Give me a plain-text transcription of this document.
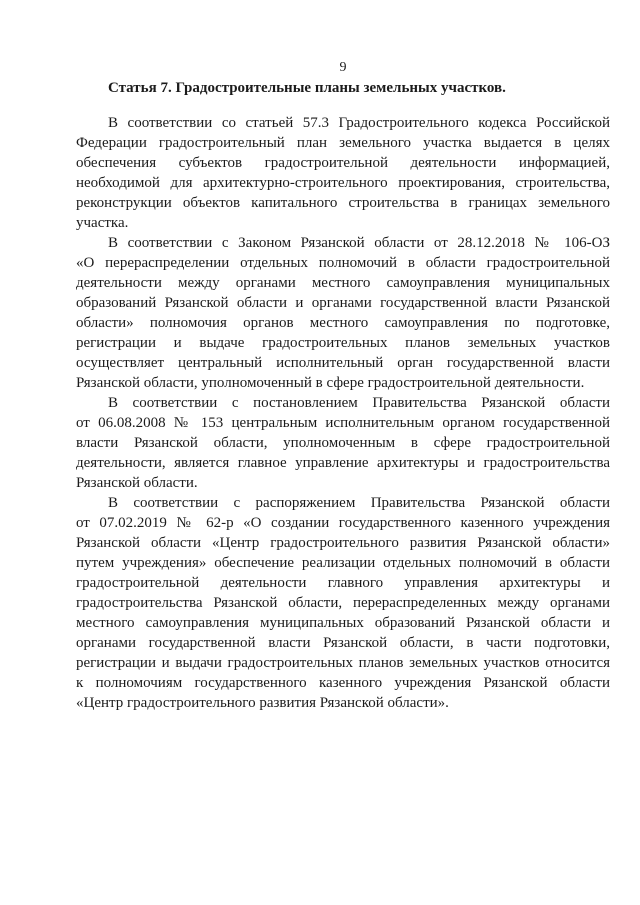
9
Статья 7. Градостроительные планы земельных участков.
В соответствии со статьей 57.3 Градостроительного кодекса Российской
Федерации градостроительный план земельного участка выдается в целях
обеспечения субъектов градостроительной деятельности информацией,
необходимой для архитектурно-строительного проектирования, строительства,
реконструкции объектов капитального строительства в границах земельного
участка.
В соответствии с Законом Рязанской области от 28.12.2018 № 106-ОЗ
«О перераспределении отдельных полномочий в области градостроительной
деятельности между органами местного самоуправления муниципальных
образований Рязанской области и органами государственной власти Рязанской
области» полномочия органов местного самоуправления по подготовке,
регистрации и выдаче градостроительных планов земельных участков
осуществляет центральный исполнительный орган государственной власти
Рязанской области, уполномоченный в сфере градостроительной деятельности.
В соответствии с постановлением Правительства Рязанской области
от 06.08.2008 № 153 центральным исполнительным органом государственной
власти Рязанской области, уполномоченным в сфере градостроительной
деятельности, является главное управление архитектуры и градостроительства
Рязанской области.
В соответствии с распоряжением Правительства Рязанской области
от 07.02.2019 № 62-р «О создании государственного казенного учреждения
Рязанской области «Центр градостроительного развития Рязанской области»
путем учреждения» обеспечение реализации отдельных полномочий в области
градостроительной деятельности главного управления архитектуры и
градостроительства Рязанской области, перераспределенных между органами
местного самоуправления муниципальных образований Рязанской области и
органами государственной власти Рязанской области, в части подготовки,
регистрации и выдачи градостроительных планов земельных участков относится
к полномочиям государственного казенного учреждения Рязанской области
«Центр градостроительного развития Рязанской области».
